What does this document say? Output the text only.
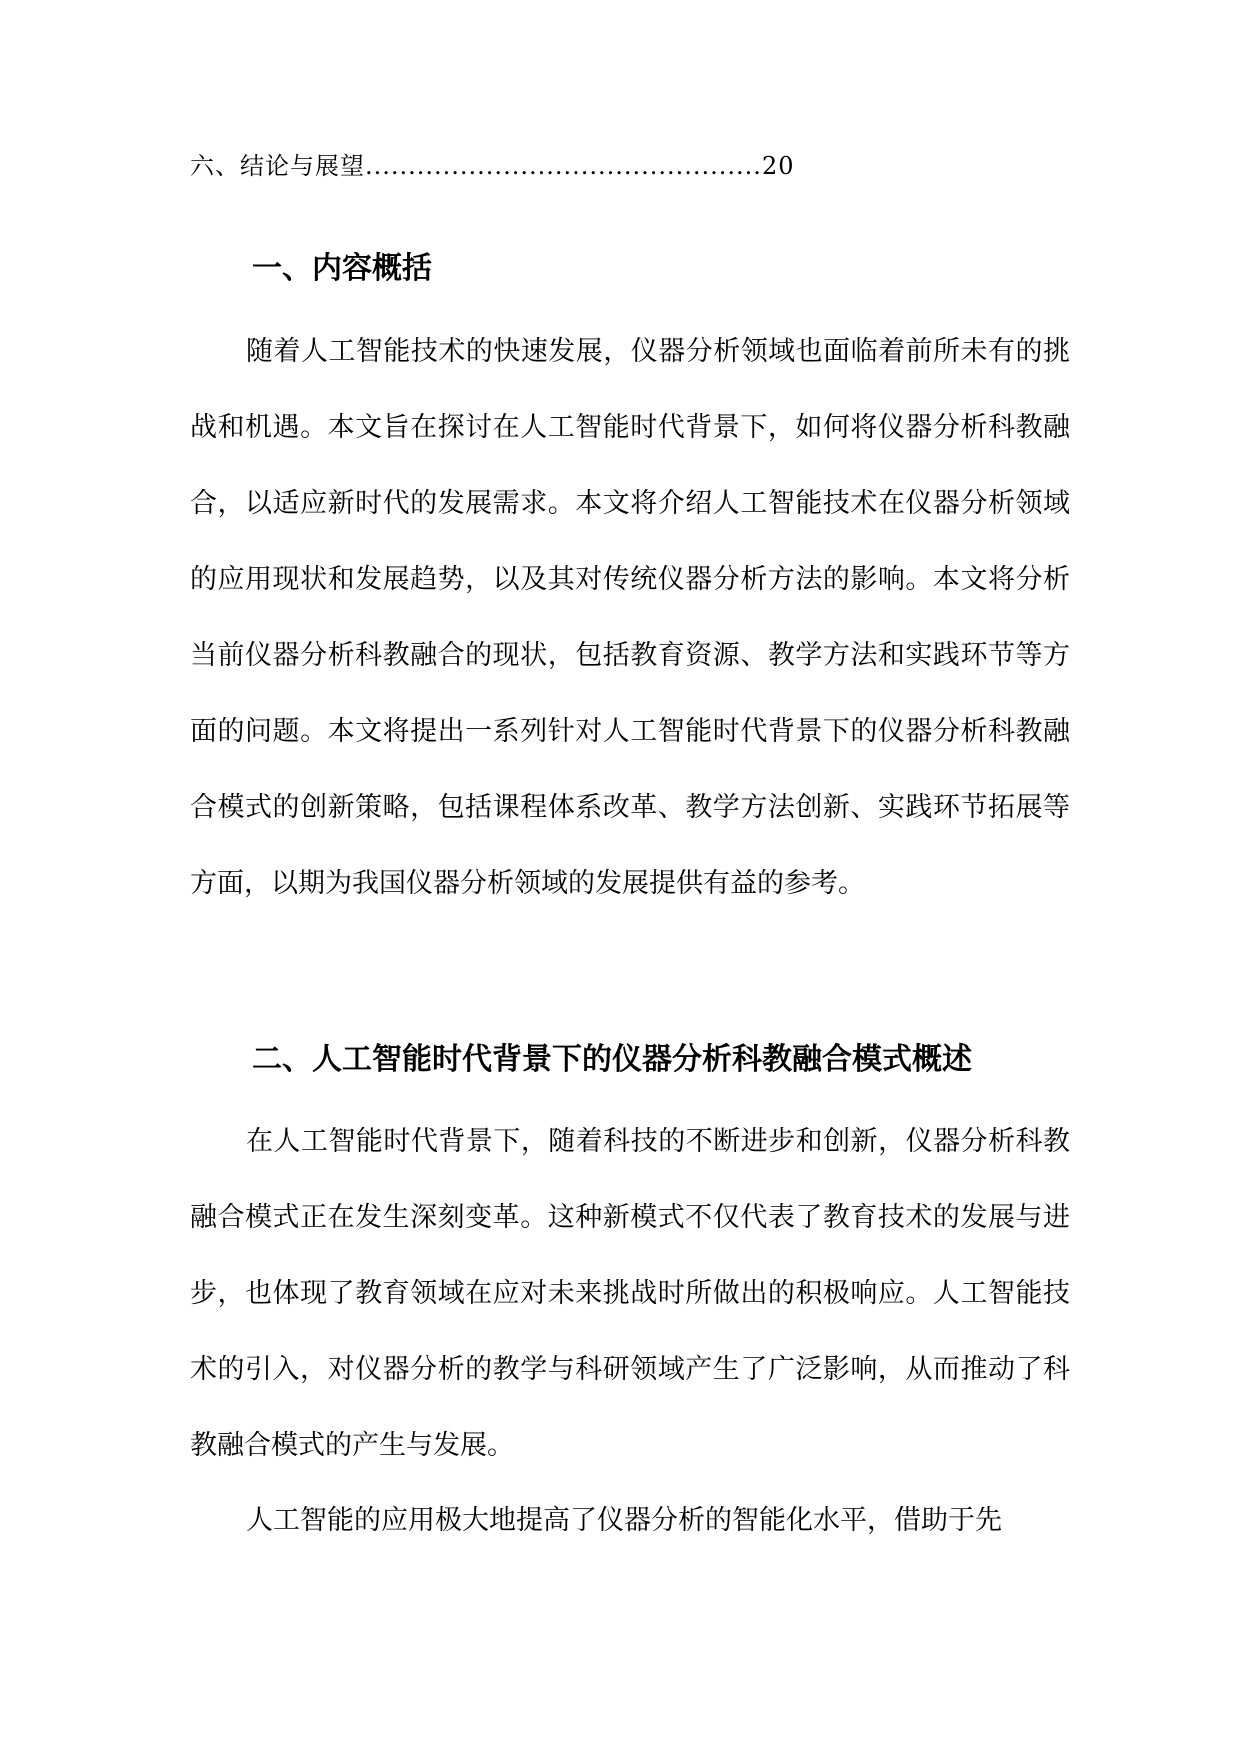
六、结论与展望..............................................20
一、内容概括

随着人工智能技术的快速发展，仪器分析领域也面临着前所未有的挑战和机遇。本文旨在探讨在人工智能时代背景下，如何将仪器分析科教融合，以适应新时代的发展需求。本文将介绍人工智能技术在仪器分析领域的应用现状和发展趋势，以及其对传统仪器分析方法的影响。本文将分析当前仪器分析科教融合的现状，包括教育资源、教学方法和实践环节等方面的问题。本文将提出一系列针对人工智能时代背景下的仪器分析科教融合模式的创新策略，包括课程体系改革、教学方法创新、实践环节拓展等方面，以期为我国仪器分析领域的发展提供有益的参考。

二、人工智能时代背景下的仪器分析科教融合模式概述

在人工智能时代背景下，随着科技的不断进步和创新，仪器分析科教融合模式正在发生深刻变革。这种新模式不仅代表了教育技术的发展与进步，也体现了教育领域在应对未来挑战时所做出的积极响应。人工智能技术的引入，对仪器分析的教学与科研领域产生了广泛影响，从而推动了科教融合模式的产生与发展。

人工智能的应用极大地提高了仪器分析的智能化水平，借助于先
